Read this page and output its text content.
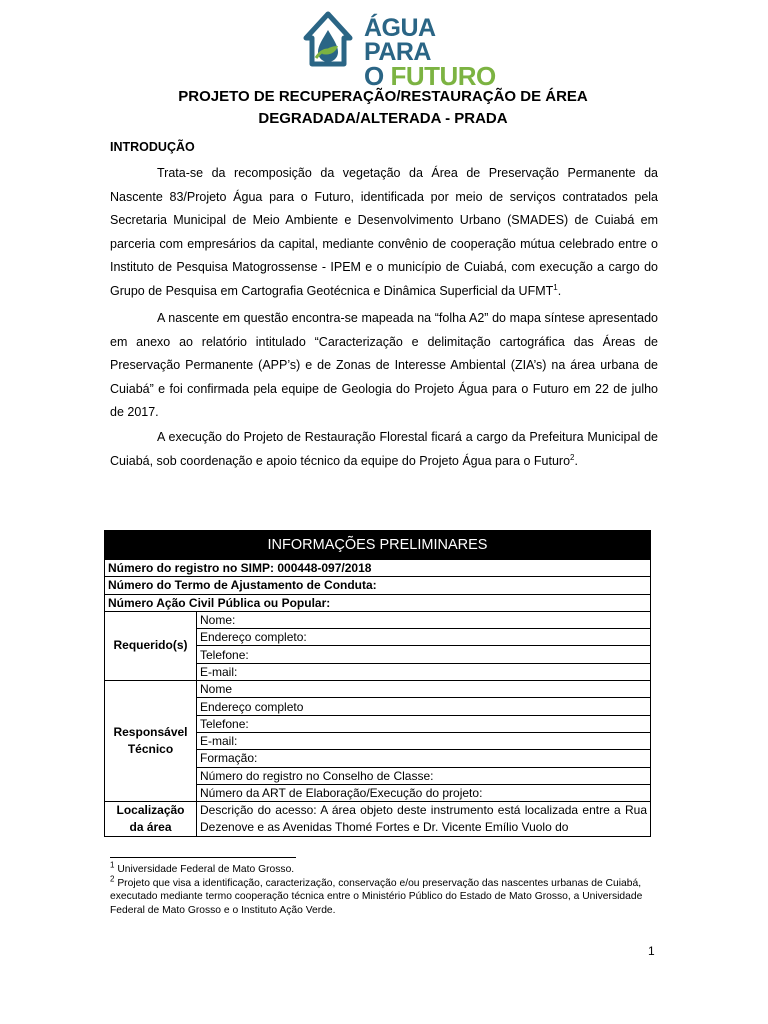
ÁGUA PARA
O FUTURO
PROJETO DE RECUPERAÇÃO/RESTAURAÇÃO DE ÁREA
DEGRADADA/ALTERADA - PRADA
INTRODUÇÃO

Trata-se da recomposição da vegetação da Área de Preservação Permanente da Nascente 83/Projeto Água para o Futuro, identificada por meio de serviços contratados pela Secretaria Municipal de Meio Ambiente e Desenvolvimento Urbano (SMADES) de Cuiabá em parceria com empresários da capital, mediante convênio de cooperação mútua celebrado entre o Instituto de Pesquisa Matogrossense - IPEM e o município de Cuiabá, com execução a cargo do Grupo de Pesquisa em Cartografia Geotécnica e Dinâmica Superficial da UFMT$^1$.

A nascente em questão encontra-se mapeada na “folha A2” do mapa síntese apresentado em anexo ao relatório intitulado “Caracterização e delimitação cartográfica das Áreas de Preservação Permanente (APP’s) e de Zonas de Interesse Ambiental (ZIA’s) na área urbana de Cuiabá” e foi confirmada pela equipe de Geologia do Projeto Água para o Futuro em 22 de julho de 2017.

A execução do Projeto de Restauração Florestal ficará a cargo da Prefeitura Municipal de Cuiabá, sob coordenação e apoio técnico da equipe do Projeto Água para o Futuro$^2$.

INFORMAÇÕES PRELIMINARES	
Número do registro no SIMP: 000448-097/2018	
Número do Termo de Ajustamento de Conduta:	
Número Ação Civil Pública ou Popular:	
Requerido(s)	Nome:
	Endereço completo:
	Telefone:
	E-mail:

Responsável
Técnico	Nome
	Endereço completo
	Telefone:
	E-mail:
	Formação:
	Número do registro no Conselho de Classe:
	Número da ART de Elaboração/Execução do projeto:

Localização
da área	Descrição do acesso: A área objeto deste instrumento está localizada entre a Rua Dezenove e as Avenidas Thomé Fortes e Dr. Vicente Emílio Vuolo do

$^1$ Universidade Federal de Mato Grosso.

$^2$ Projeto que visa a identificação, caracterização, conservação e/ou preservação das nascentes urbanas de Cuiabá, executado mediante termo cooperação técnica entre o Ministério Público do Estado de Mato Grosso, a Universidade Federal de Mato Grosso e o Instituto Ação Verde.

1
